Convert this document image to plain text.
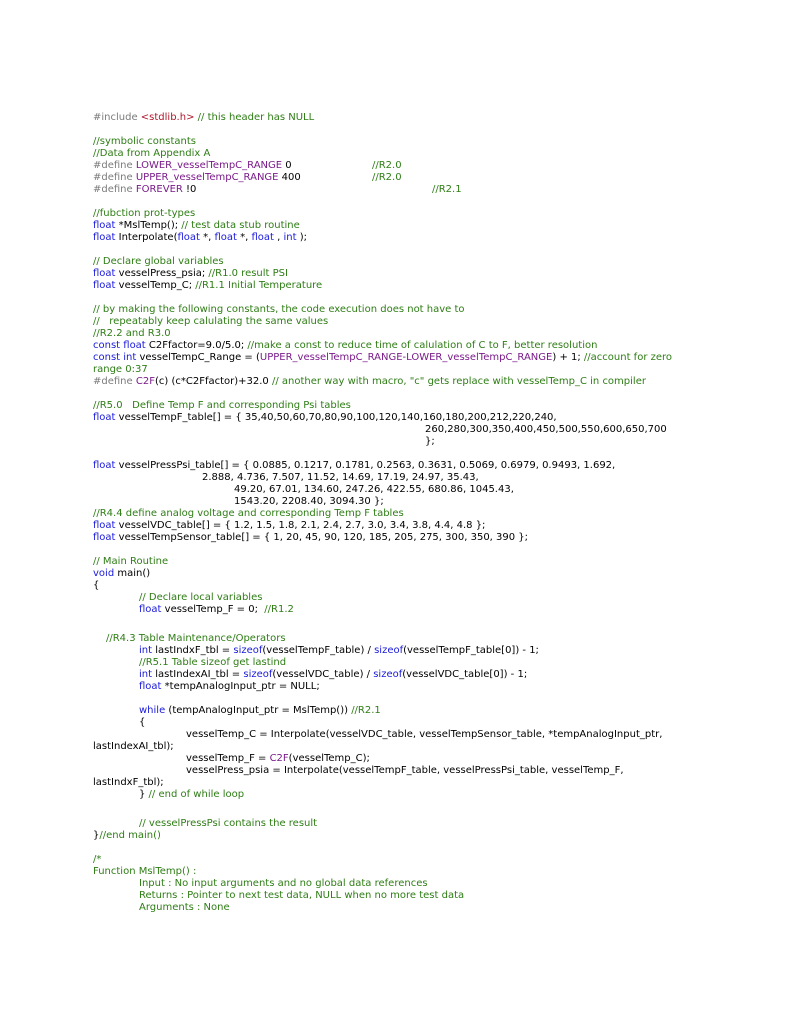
#include <stdlib.h> // this header has NULL
//symbolic constants
//Data from Appendix A
#define LOWER_vesselTempC_RANGE 0	//R2.0
#define UPPER_vesselTempC_RANGE 400	//R2.0
#define FOREVER !0	//R2.1
//fubction prot-types
float *MslTemp(); // test data stub routine
float Interpolate(float *, float *, float , int );
// Declare global variables
float vesselPress_psia; //R1.0 result PSI
float vesselTemp_C; //R1.1 Initial Temperature
// by making the following constants, the code execution does not have to
//   repeatably keep calulating the same values
//R2.2 and R3.0
const float C2Ffactor=9.0/5.0; //make a const to reduce time of calulation of C to F, better resolution
const int vesselTempC_Range = (UPPER_vesselTempC_RANGE-LOWER_vesselTempC_RANGE) + 1; //account for zero
range 0:37
#define C2F(c) (c*C2Ffactor)+32.0 // another way with macro, "c" gets replace with vesselTemp_C in compiler
//R5.0   Define Temp F and corresponding Psi tables
float vesselTempF_table[] = { 35,40,50,60,70,80,90,100,120,140,160,180,200,212,220,240,
260,280,300,350,400,450,500,550,600,650,700
};
float vesselPressPsi_table[] = { 0.0885, 0.1217, 0.1781, 0.2563, 0.3631, 0.5069, 0.6979, 0.9493, 1.692,
2.888, 4.736, 7.507, 11.52, 14.69, 17.19, 24.97, 35.43,
49.20, 67.01, 134.60, 247.26, 422.55, 680.86, 1045.43,
1543.20, 2208.40, 3094.30 };
//R4.4 define analog voltage and corresponding Temp F tables
float vesselVDC_table[] = { 1.2, 1.5, 1.8, 2.1, 2.4, 2.7, 3.0, 3.4, 3.8, 4.4, 4.8 };
float vesselTempSensor_table[] = { 1, 20, 45, 90, 120, 185, 205, 275, 300, 350, 390 };
// Main Routine
void main()
{
// Declare local variables
float vesselTemp_F = 0;  //R1.2
//R4.3 Table Maintenance/Operators
int lastIndxF_tbl = sizeof(vesselTempF_table) / sizeof(vesselTempF_table[0]) - 1;
//R5.1 Table sizeof get lastind
int lastIndexAI_tbl = sizeof(vesselVDC_table) / sizeof(vesselVDC_table[0]) - 1;
float *tempAnalogInput_ptr = NULL;
while (tempAnalogInput_ptr = MslTemp()) //R2.1
{
vesselTemp_C = Interpolate(vesselVDC_table, vesselTempSensor_table, *tempAnalogInput_ptr,
lastIndexAI_tbl);
vesselTemp_F = C2F(vesselTemp_C);
vesselPress_psia = Interpolate(vesselTempF_table, vesselPressPsi_table, vesselTemp_F,
lastIndxF_tbl);
} // end of while loop
// vesselPressPsi contains the result
}//end main()
/*
Function MslTemp() :
Input : No input arguments and no global data references
Returns : Pointer to next test data, NULL when no more test data
Arguments : None
